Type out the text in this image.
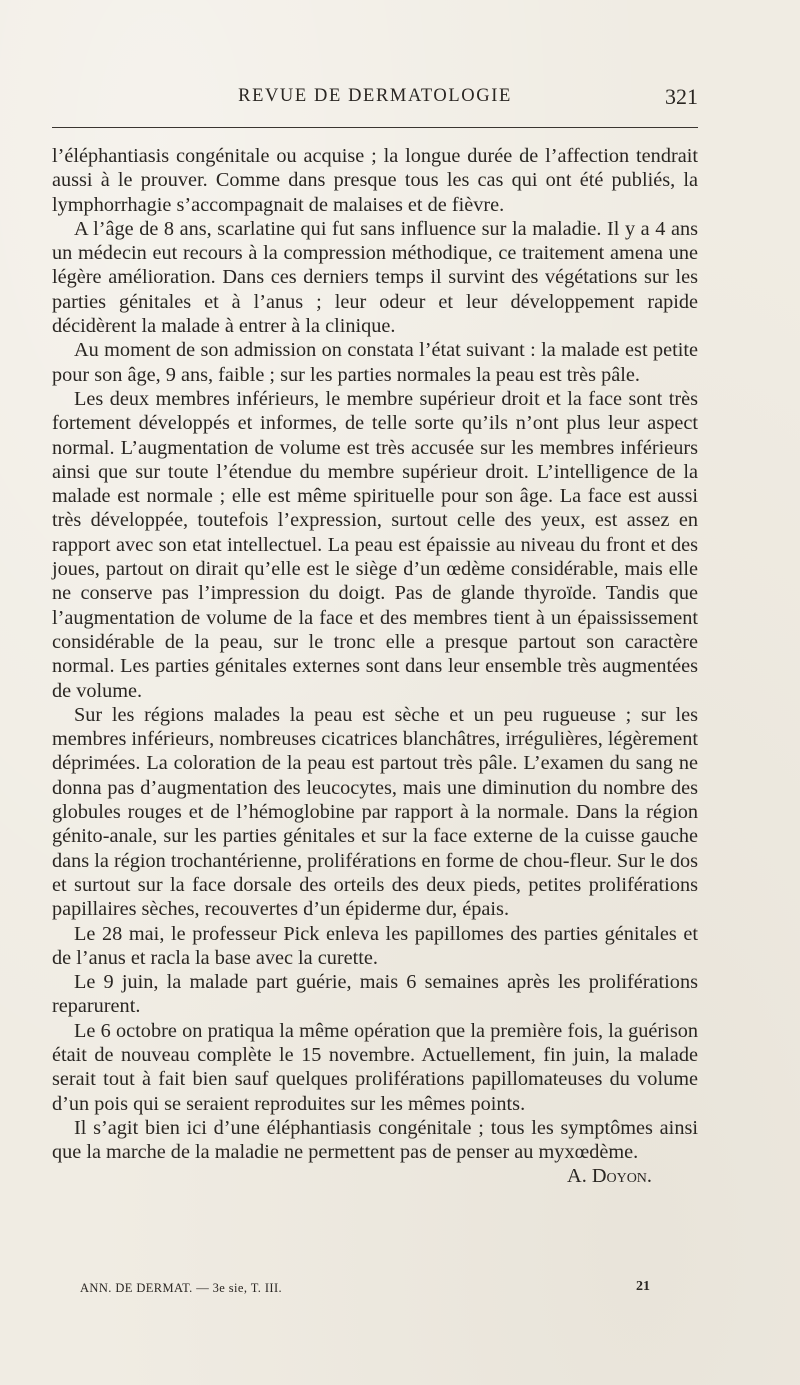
REVUE DE DERMATOLOGIE	321

l’éléphantiasis congénitale ou acquise ; la longue durée de l’affection tendrait aussi à le prouver. Comme dans presque tous les cas qui ont été publiés, la lymphorrhagie s’accompagnait de malaises et de fièvre.

A l’âge de 8 ans, scarlatine qui fut sans influence sur la maladie. Il y a 4 ans un médecin eut recours à la compression méthodique, ce traitement amena une légère amélioration. Dans ces derniers temps il survint des végétations sur les parties génitales et à l’anus ; leur odeur et leur développement rapide décidèrent la malade à entrer à la clinique.

Au moment de son admission on constata l’état suivant : la malade est petite pour son âge, 9 ans, faible ; sur les parties normales la peau est très pâle.

Les deux membres inférieurs, le membre supérieur droit et la face sont très fortement développés et informes, de telle sorte qu’ils n’ont plus leur aspect normal. L’augmentation de volume est très accusée sur les membres inférieurs ainsi que sur toute l’étendue du membre supérieur droit. L’intelligence de la malade est normale ; elle est même spirituelle pour son âge. La face est aussi très développée, toutefois l’expression, surtout celle des yeux, est assez en rapport avec son etat intellectuel. La peau est épaissie au niveau du front et des joues, partout on dirait qu’elle est le siège d’un œdème considérable, mais elle ne conserve pas l’impression du doigt. Pas de glande thyroïde. Tandis que l’augmentation de volume de la face et des membres tient à un épaississement considérable de la peau, sur le tronc elle a presque partout son caractère normal. Les parties génitales externes sont dans leur ensemble très augmentées de volume.

Sur les régions malades la peau est sèche et un peu rugueuse ; sur les membres inférieurs, nombreuses cicatrices blanchâtres, irrégulières, légèrement déprimées. La coloration de la peau est partout très pâle. L’examen du sang ne donna pas d’augmentation des leucocytes, mais une diminution du nombre des globules rouges et de l’hémoglobine par rapport à la normale. Dans la région génito-anale, sur les parties génitales et sur la face externe de la cuisse gauche dans la région trochantérienne, proliférations en forme de chou-fleur. Sur le dos et surtout sur la face dorsale des orteils des deux pieds, petites proliférations papillaires sèches, recouvertes d’un épiderme dur, épais.

Le 28 mai, le professeur Pick enleva les papillomes des parties génitales et de l’anus et racla la base avec la curette.

Le 9 juin, la malade part guérie, mais 6 semaines après les proliférations reparurent.

Le 6 octobre on pratiqua la même opération que la première fois, la guérison était de nouveau complète le 15 novembre. Actuellement, fin juin, la malade serait tout à fait bien sauf quelques proliférations papillomateuses du volume d’un pois qui se seraient reproduites sur les mêmes points.

Il s’agit bien ici d’une éléphantiasis congénitale ; tous les symptômes ainsi que la marche de la maladie ne permettent pas de penser au myxœdème.

A. Doyon.

ANN. DE DERMAT. — 3e sie, T. III.	21
